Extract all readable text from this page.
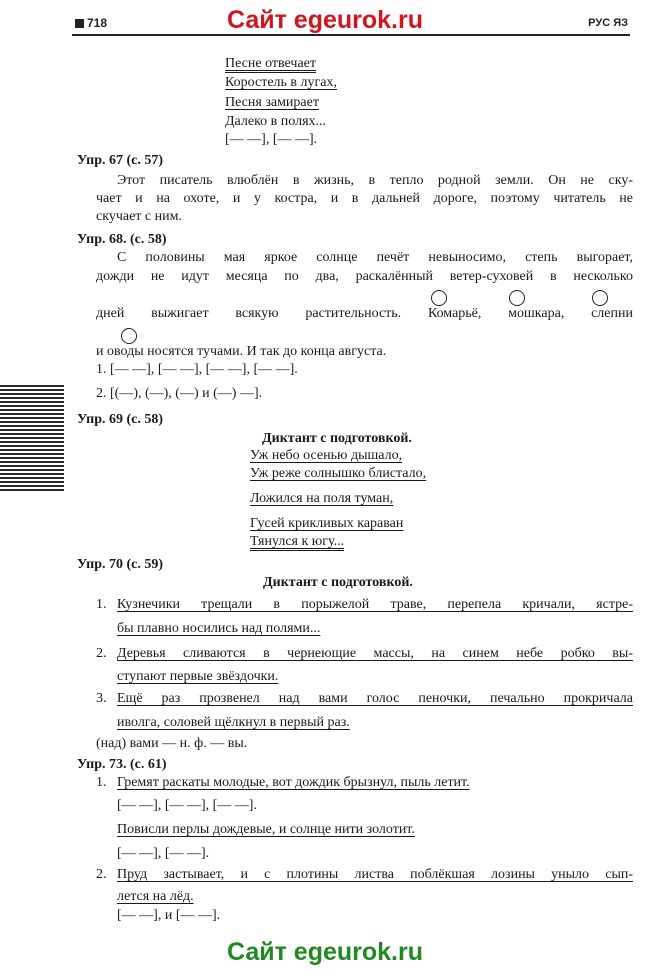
718	Сайт egeurok.ru	РУС ЯЗ
Песне отвечает
Коростель в лугах,
Песня замирает
Далеко в полях...
[— —], [— —].
Упр. 67 (с. 57)
Этот писатель влюблён в жизнь, в тепло родной земли. Он не ску-
чает и на охоте, и у костра, и в дальней дороге, поэтому читатель не
скучает с ним.
Упр. 68. (с. 58)
С половины мая яркое солнце печёт невыносимо, степь выгорает,
дожди не идут месяца по два, раскалённый ветер-суховей в несколько
дней выжигает всякую растительность. Комарьё, мошкара, слепни
и оводы носятся тучами. И так до конца августа.
1. [— —], [— —], [— —], [— —].
2. [(—), (—), (—) и (—) —].
Упр. 69 (с. 58)
Диктант с подготовкой.
Уж небо осенью дышало,
Уж реже солнышко блистало,
Ложился на поля туман,
Гусей крикливых караван
Тянулся к югу...
Упр. 70 (с. 59)
Диктант с подготовкой.
1. Кузнечики трещали в порыжелой траве, перепела кричали, ястре-
бы плавно носились над полями...
2. Деревья сливаются в чернеющие массы, на синем небе робко вы-
ступают первые звёздочки.
3. Ещё раз прозвенел над вами голос пеночки, печально прокричала
иволга, соловей щёлкнул в первый раз.
(над) вами — н. ф. — вы.
Упр. 73. (с. 61)
1. Гремят раскаты молодые, вот дождик брызнул, пыль летит.
[— —], [— —], [— —].
Повисли перлы дождевые, и солнце нити золотит.
[— —], [— —].
2. Пруд застывает, и с плотины листва поблёкшая лозины уныло сып-
лется на лёд.
[— —], и [— —].
Сайт egeurok.ru
